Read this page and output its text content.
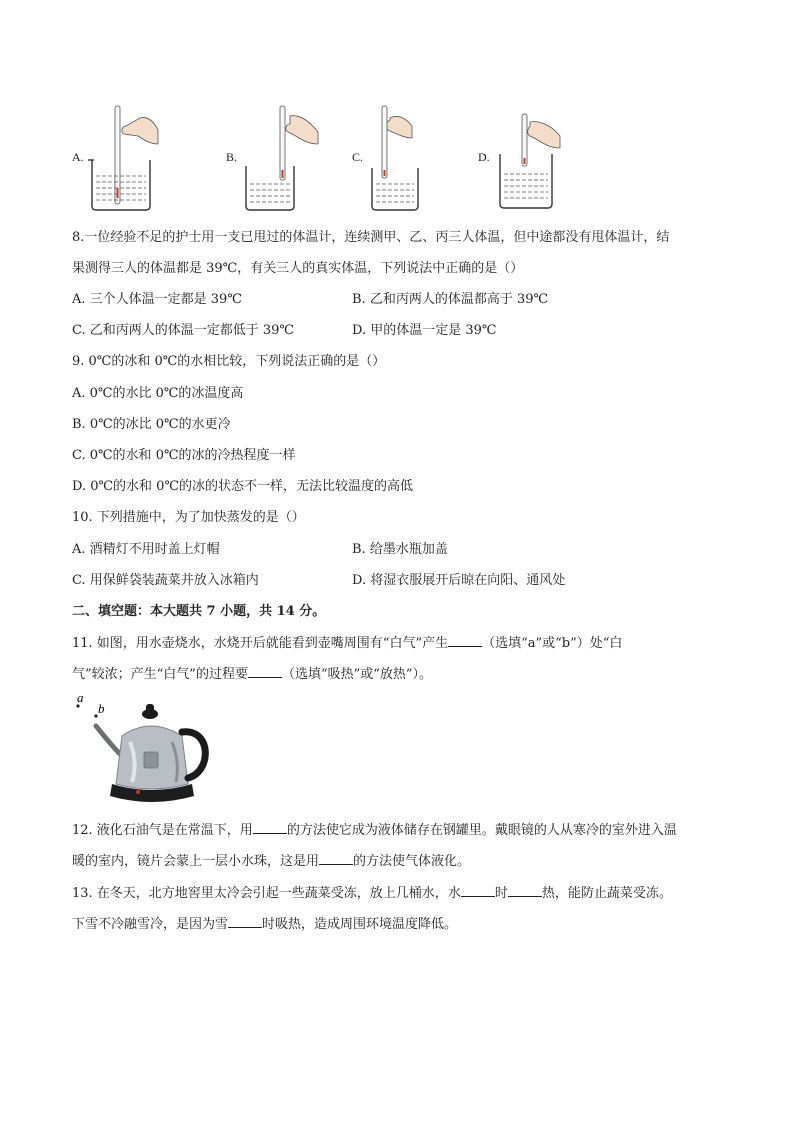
A.	B.	C.	D.
8.一位经验不足的护士用一支已甩过的体温计，连续测甲、乙、丙三人体温，但中途都没有甩体温计，结
果测得三人的体温都是 39℃，有关三人的真实体温，下列说法中正确的是（）
A. 三个人体温一定都是 39℃	B. 乙和丙两人的体温都高于 39℃
C. 乙和丙两人的体温一定都低于 39℃	D. 甲的体温一定是 39℃
9. 0℃的冰和 0℃的水相比较，下列说法正确的是（）
A. 0℃的水比 0℃的冰温度高
B. 0℃的冰比 0℃的水更冷
C. 0℃的水和 0℃的冰的冷热程度一样
D. 0℃的水和 0℃的冰的状态不一样，无法比较温度的高低
10. 下列措施中，为了加快蒸发的是（）
A. 酒精灯不用时盖上灯帽	B. 给墨水瓶加盖
C. 用保鲜袋装蔬菜并放入冰箱内	D. 将湿衣服展开后晾在向阳、通风处
二、填空题：本大题共 7 小题，共 14 分。
11. 如图，用水壶烧水，水烧开后就能看到壶嘴周围有“白气”产生	（选填“a”或“b”）处“白
气”较浓；产生“白气”的过程要	（选填“吸热”或“放热”）。
a
b
12. 液化石油气是在常温下，用	的方法使它成为液体储存在钢罐里。戴眼镜的人从寒冷的室外进入温
暖的室内，镜片会蒙上一层小水珠，这是用	的方法使气体液化。
13. 在冬天，北方地窖里太冷会引起一些蔬菜受冻，放上几桶水，水	时	热，能防止蔬菜受冻。
下雪不冷融雪冷，是因为雪	时吸热，造成周围环境温度降低。
